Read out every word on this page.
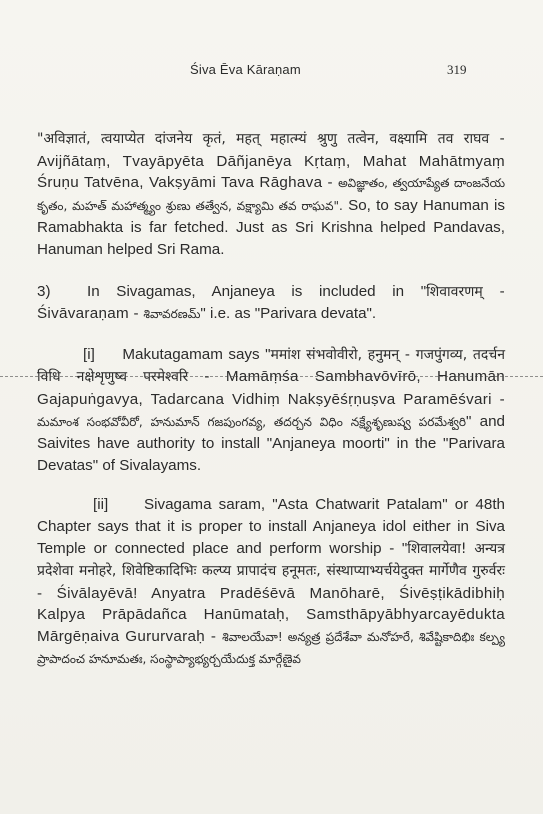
Śiva Ēva Kāraṇam	319

"अविज्ञातं, त्वयाप्येत दांजनेय कृतं, महत् महात्म्यं श्रुणु तत्वेन, वक्ष्यामि तव राघव - Avijñātaṃ, Tvayāpyēta Dāñjanēya Kṛtaṃ, Mahat Mahātmyaṃ Śruṇu Tatvēna, Vakṣyāmi Tava Rāghava - అవిజ్ఞాతం, త్వయాప్యేత దాంజనేయ కృతం, మహత్ మహాత్మ్యం శ్రుణు తత్వేన, వక్ష్యామి తవ రాఘవ". So, to say Hanuman is Ramabhakta is far fetched. Just as Sri Krishna helped Pandavas, Hanuman helped Sri Rama.

3) In Sivagamas, Anjaneya is included in "शिवावरणम् - Śivāvaraṇam - శివావరణమ్" i.e. as "Parivara devata".

[i] Makutagamam says "ममांश संभवोवीरो, हनुमन् - गजपुंगव्य, तदर्चन विधि नक्षेशृणुष्व परमेश्वरि - Mamāṃśa Sambhavōvīrō, Hanumān Gajapuṅgavya, Tadarcana Vidhiṃ Nakṣyēśṛṇuṣva Paramēśvari - మమాంశ సంభవోవీరో, హనుమాన్ గజపుంగవ్య, తదర్చన విధిం నక్ష్యేశృణుష్వ పరమేశ్వరి" and Saivites have authority to install "Anjaneya moorti" in the "Parivara Devatas" of Sivalayams.

[ii] Sivagama saram, "Asta Chatwarit Patalam" or 48th Chapter says that it is proper to install Anjaneya idol either in Siva Temple or connected place and perform worship - "शिवालयेवा! अन्यत्र प्रदेशेवा मनोहरे, शिवेष्टिकादिभिः कल्प्य प्रापादंच हनूमतः, संस्थाप्याभ्यर्चयेदुक्त मार्गेणैव गुरुर्वरः - Śivālayēvā! Anyatra Pradēśēvā Manōharē, Śivēṣṭikādibhiḥ Kalpya Prāpādañca Hanūmataḥ, Samsthāpyābhyarcayēdukta Mārgēṇaiva Gururvaraḥ - శివాలయేవా! అన్యత్ర ప్రదేశేవా మనోహరే, శివేష్టికాదిభిః కల్ప్య ప్రాపాదంచ హనూమతః, సంస్థాప్యాభ్యర్చయేదుక్త మార్గేణైవ
